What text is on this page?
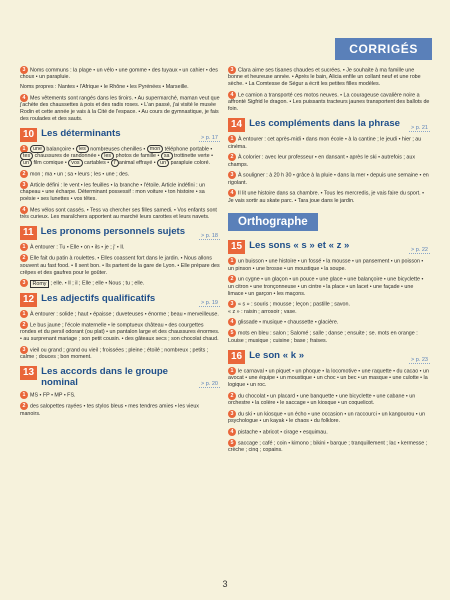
CORRIGÉS

3 Noms communs : la plage • un vélo • une gomme • des tuyaux • un cahier • des choux • un parapluie.

Noms propres : Nantes • l'Afrique • le Rhône • les Pyrénées • Marseille.

4 Mes vêtements sont rangés dans les tiroirs. • Au supermarché, maman veut que j'achète des chaussettes à pois et des radis roses. • L'an passé, j'ai visité le musée Rodin et cette année je vais à la Cité de l'espace. • Au cours de gymnastique, je fais des roulades et des sauts.

10 Les déterminants	> p. 17

1 une balançoire • les nombreuses chenilles • mon téléphone portable • tes chaussures de randonnée • les photos de famille • sa trottinette verte • un film comique • vos cartables • l' animal effrayé • un parapluie coloré.

2 mon ; ma • un ; sa • leurs ; les • une ; des.

3 Article défini : le vent • les feuilles • la branche • l'étoile. Article indéfini : un chapeau • une écharpe. Déterminant possessif : mon voiture • ton histoire • sa poésie • ses lunettes • vos têtes.

4 Mes vélos sont cassés. • Tess va chercher ses filles samedi. • Vos enfants sont très curieux. Les maraîchers apportent au marché leurs carottes et leurs navets.

11 Les pronoms personnels sujets	> p. 18

1 À entourer : Tu • Elle • on • ils • je ; j' • Il.

2 Elle fait du patin à roulettes. • Elles coassent fort dans le jardin. • Nous allons souvent au fast food. • Il sent bon. • Ils partent de la gare de Lyon. • Elle prépare des crêpes et des gaufres pour le goûter.

3 Romy ; elle. • Il ; il ; Elle ; elle • Nous ; tu ; elle.

12 Les adjectifs qualificatifs	> p. 19

1 À entourer : solide ; haut • épaisse ; duveteuses • énorme ; beau • merveilleuse.

2 Le bus jaune ; l'école maternelle • le somptueux château • des courgettes rondes et du persil odorant (ou plat) • un pantalon large et des chaussures énormes. • au surprenant mariage ; son petit cousin. • des gâteaux secs ; son chocolat chaud.

3 vieil ou grand ; grand ou vieil ; froissées ; pleine ; étoilé ; nombreux ; petits ; calme ; douces ; bon moment.

13 Les accords dans le groupe nominal	> p. 20

1 MS • FP • MP • FS.

2 des salopettes rayées • tes stylos bleus • mes tendres amies • les vieux manoirs.

3 Clara aime ses tisanes chaudes et sucrées. • Je souhaite à ma famille une bonne et heureuse année. • Après le bain, Alicia enfile un collant neuf et une robe sèche. • La Comtesse de Ségur a écrit les petites filles modèles.

4 Le camion a transporté ces motos neuves. • La courageuse cavalière noire a affronté Sigfrid le dragon. • Les puissants tracteurs jaunes transportent des ballots de foin.

14 Les compléments dans la phrase	> p. 21

1 À entourer : cet après-midi • dans mon école • à la cantine ; le jeudi • hier ; au cinéma.

2 À colorier : avec leur professeur • en dansant • après le ski • autrefois ; aux champs.

3 À souligner : à 20 h 30 • grâce à la pluie • dans la mer • depuis une semaine • en rigolant.

4 Il lit une histoire dans sa chambre. • Tous les mercredis, je vais faire du sport. • Je vais sortir au skate parc. • Tara joue dans le jardin.

Orthographe
15 Les sons « s » et « z »	> p. 22

1 un buisson • une histoire • un fossé • la mousse • un pansement • un poisson • un pinson • une brosse • un moustique • la soupe.

2 un cygne • un glaçon • un pouce • une glace • une balançoire • une bicyclette • un citron • une tronçonneuse • un cintre • la place • un lacet • une façade • une limace • un garçon • les maçons.

3 « s » : souris ; mousse ; leçon ; pastille ; savon.
« z » : raisin ; arrosoir ; vase.

4 glissade • musique • chaussette • glacière.

5 mots en bleu : salon ; Salomé ; salle ; danse ; ensuite ; se. mots en orange : Louise ; musique ; cuisine ; base ; fraises.

16 Le son « k »	> p. 23

1 le carnaval • un piquet • un phoque • la locomotive • une raquette • du cacao • un avocat • une équipe • un moustique • un choc • un bec • un masque • une culotte • la logique • un roc.

2 du chocolat • un placard • une banquette • une bicyclette • une cabane • un orchestre • la colère • le saccage • un kiosque • un coquelicot.

3 du ski • un kiosque • un écho • une occasion • un raccourci • un kangourou • un psychologue • un kayak • le chaos • du folklore.

4 pistache • abricot • cirage • esquimau.

5 saccage ; café ; coin • kimono ; bikini • barque ; tranquillement ; lac • kermesse ; crèche ; cinq ; copains.

3
